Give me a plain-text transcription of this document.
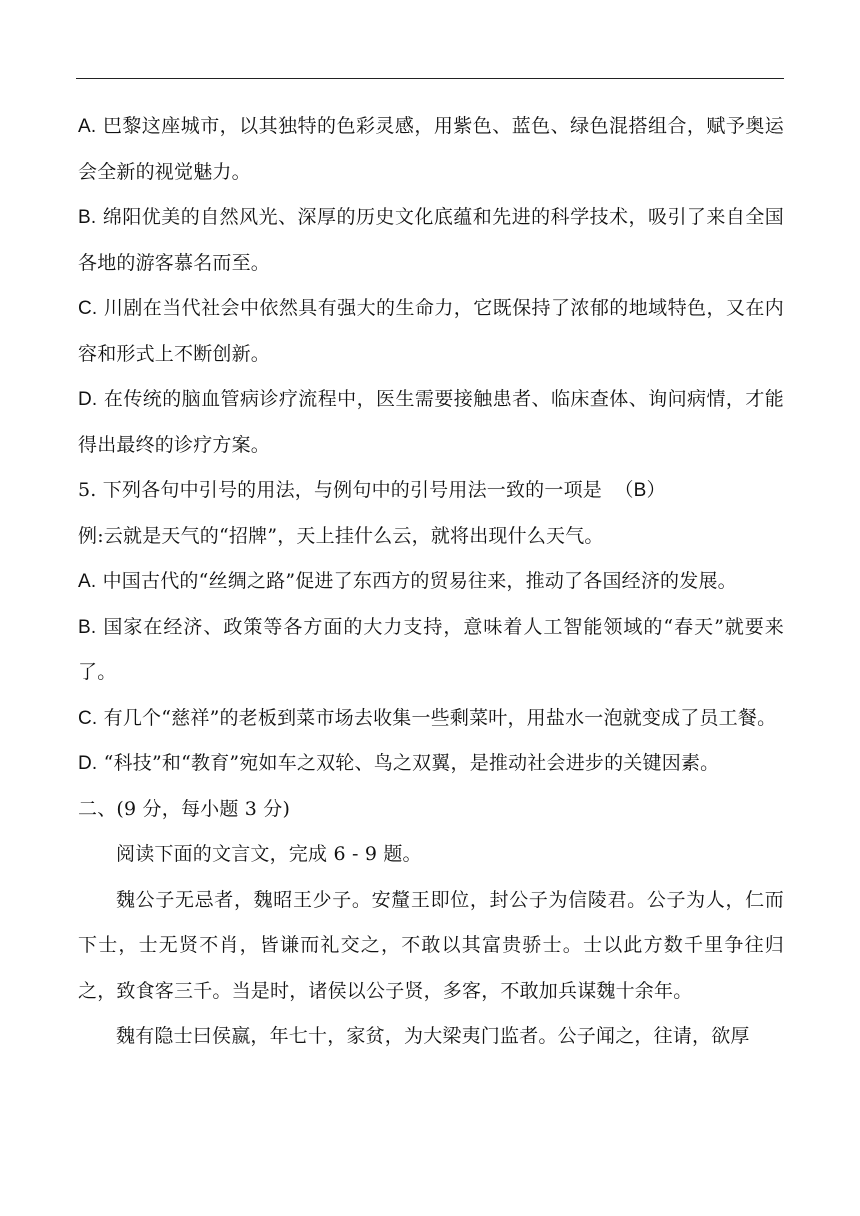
A. 巴黎这座城市，以其独特的色彩灵感，用紫色、蓝色、绿色混搭组合，赋予奥运会全新的视觉魅力。

B. 绵阳优美的自然风光、深厚的历史文化底蕴和先进的科学技术，吸引了来自全国各地的游客慕名而至。

C. 川剧在当代社会中依然具有强大的生命力，它既保持了浓郁的地域特色，又在内容和形式上不断创新。

D. 在传统的脑血管病诊疗流程中，医生需要接触患者、临床查体、询问病情，才能得出最终的诊疗方案。

5. 下列各句中引号的用法，与例句中的引号用法一致的一项是 （B）

例:云就是天气的“招牌”，天上挂什么云，就将出现什么天气。

A. 中国古代的“丝绸之路”促进了东西方的贸易往来，推动了各国经济的发展。

B. 国家在经济、政策等各方面的大力支持，意味着人工智能领域的“春天”就要来了。

C. 有几个“慈祥”的老板到菜市场去收集一些剩菜叶，用盐水一泡就变成了员工餐。

D. “科技”和“教育”宛如车之双轮、鸟之双翼，是推动社会进步的关键因素。

二、(9 分，每小题 3 分)

阅读下面的文言文，完成 6 - 9 题。

魏公子无忌者，魏昭王少子。安釐王即位，封公子为信陵君。公子为人，仁而下士，士无贤不肖，皆谦而礼交之，不敢以其富贵骄士。士以此方数千里争往归之，致食客三千。当是时，诸侯以公子贤，多客，不敢加兵谋魏十余年。

魏有隐士曰侯嬴，年七十，家贫，为大梁夷门监者。公子闻之，往请，欲厚
